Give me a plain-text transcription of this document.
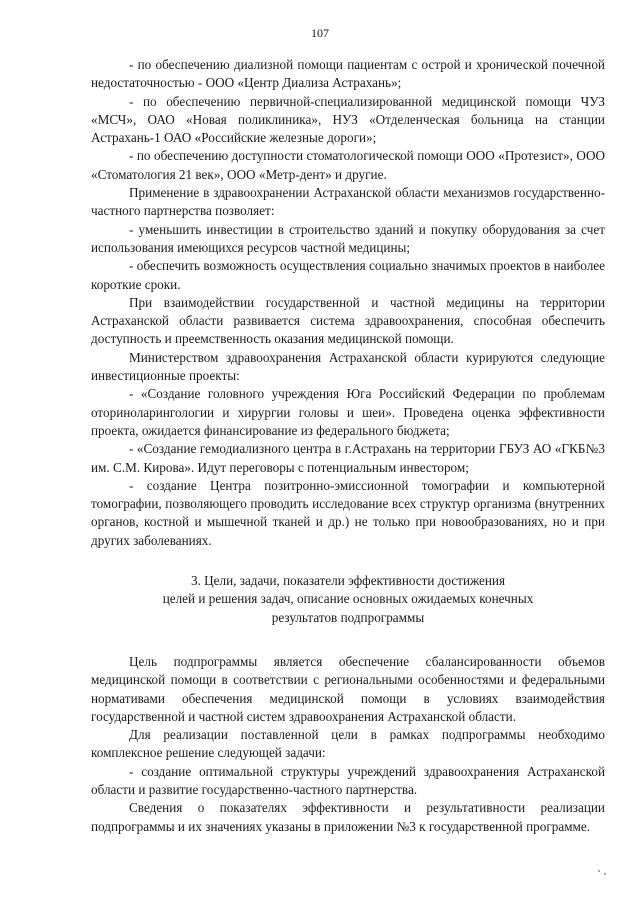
107

- по обеспечению диализной помощи пациентам с острой и хронической почечной недостаточностью - ООО «Центр Диализа Астрахань»;

- по обеспечению первичной-специализированной медицинской помощи ЧУЗ «МСЧ», ОАО «Новая поликлиника», НУЗ «Отделенческая больница на станции Астрахань-1 ОАО «Российские железные дороги»;

- по обеспечению доступности стоматологической помощи ООО «Протезист», ООО «Стоматология 21 век», ООО «Метр-дент» и другие.

Применение в здравоохранении Астраханской области механизмов государственно-частного партнерства позволяет:

- уменьшить инвестиции в строительство зданий и покупку оборудования за счет использования имеющихся ресурсов частной медицины;

- обеспечить возможность осуществления социально значимых проектов в наиболее короткие сроки.

При взаимодействии государственной и частной медицины на территории Астраханской области развивается система здравоохранения, способная обеспечить доступность и преемственность оказания медицинской помощи.

Министерством здравоохранения Астраханской области курируются следующие инвестиционные проекты:

- «Создание головного учреждения Юга Российский Федерации по проблемам оториноларингологии и хирургии головы и шеи». Проведена оценка эффективности проекта, ожидается финансирование из федерального бюджета;

- «Создание гемодиализного центра в г.Астрахань на территории ГБУЗ АО «ГКБ№3 им. С.М. Кирова». Идут переговоры с потенциальным инвестором;

- создание Центра позитронно-эмиссионной томографии и компьютерной томографии, позволяющего проводить исследование всех структур организма (внутренних органов, костной и мышечной тканей и др.) не только при новообразованиях, но и при других заболеваниях.

3. Цели, задачи, показатели эффективности достижения
целей и решения задач, описание основных ожидаемых конечных
результатов подпрограммы

Цель подпрограммы является обеспечение сбалансированности объемов медицинской помощи в соответствии с региональными особенностями и федеральными нормативами обеспечения медицинской помощи в условиях взаимодействия государственной и частной систем здравоохранения Астраханской области.

Для реализации поставленной цели в рамках подпрограммы необходимо комплексное решение следующей задачи:

- создание оптимальной структуры учреждений здравоохранения Астраханской области и развитие государственно-частного партнерства.

Сведения о показателях эффективности и результативности реализации подпрограммы и их значениях указаны в приложении №3 к государственной программе.
